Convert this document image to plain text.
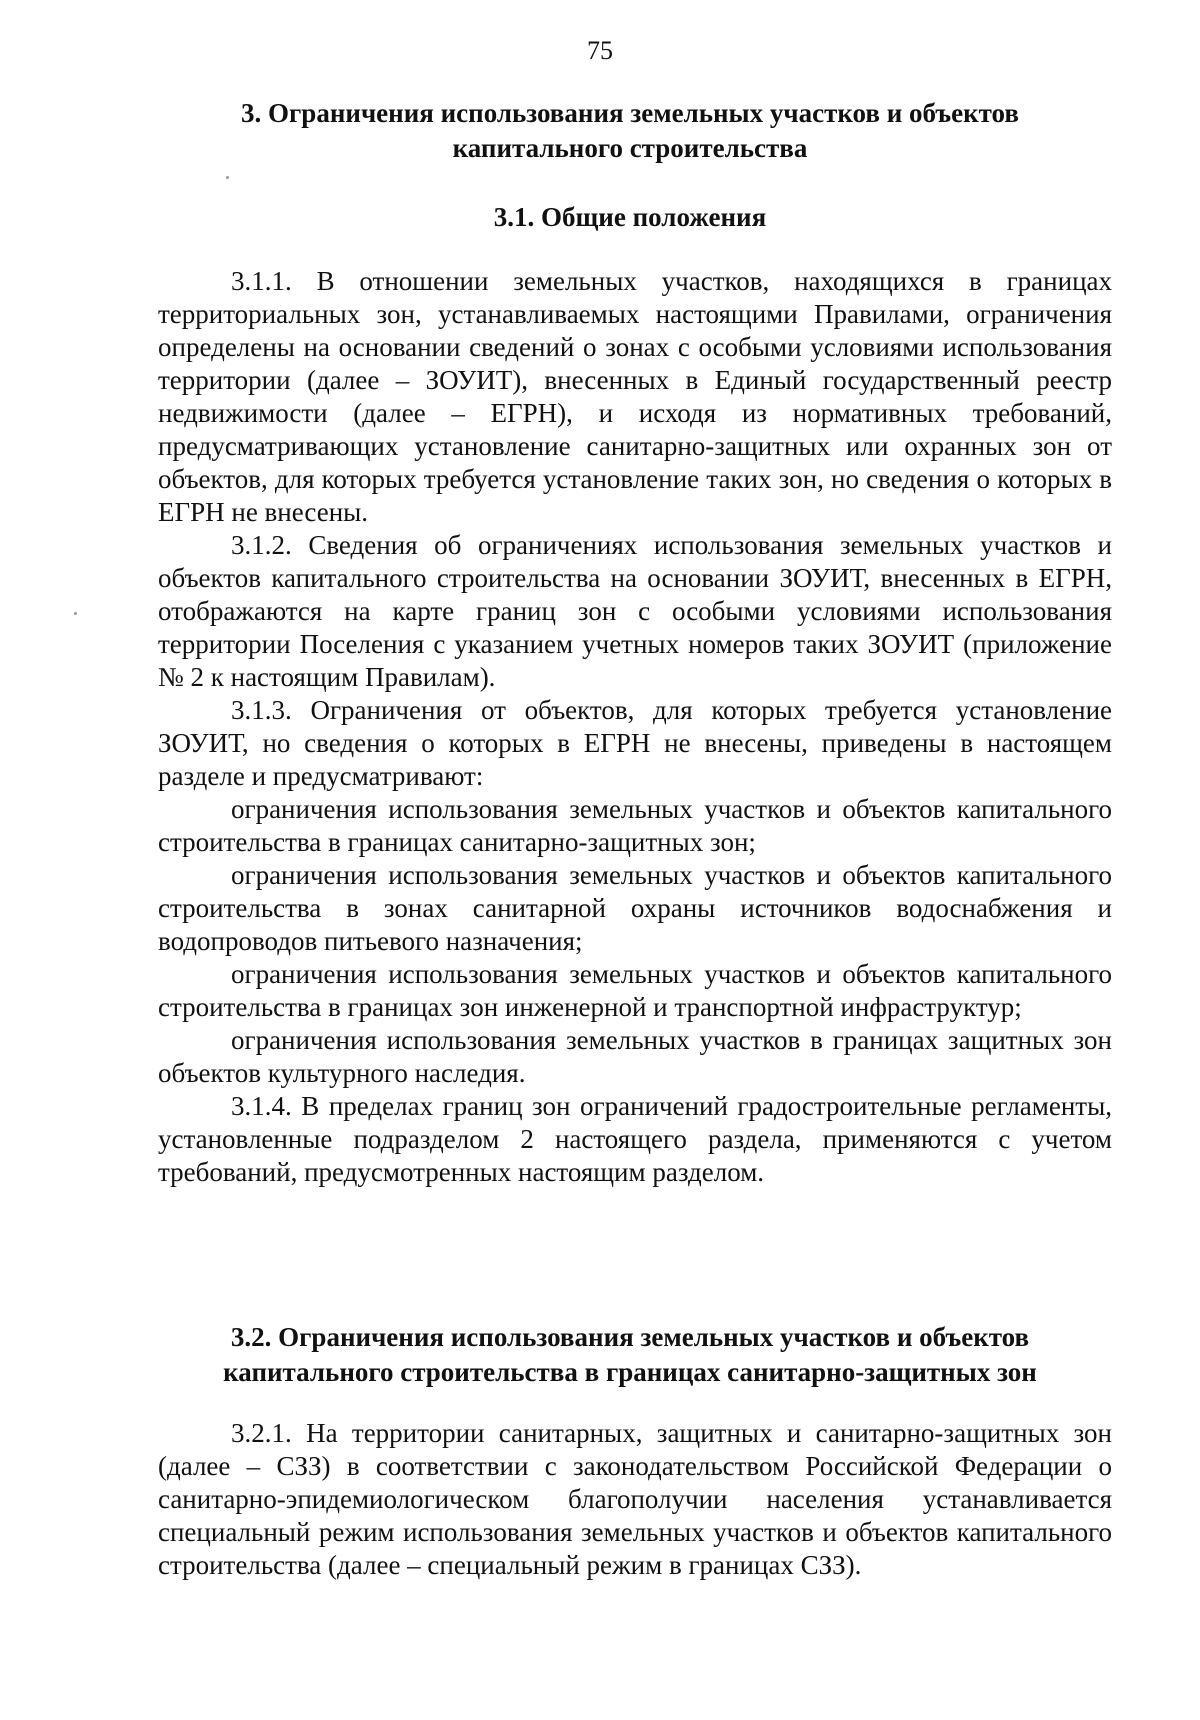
75
3. Ограничения использования земельных участков и объектов капитального строительства
3.1. Общие положения

3.1.1. В отношении земельных участков, находящихся в границах территориальных зон, устанавливаемых настоящими Правилами, ограничения определены на основании сведений о зонах с особыми условиями использования территории (далее – ЗОУИТ), внесенных в Единый государственный реестр недвижимости (далее – ЕГРН), и исходя из нормативных требований, предусматривающих установление санитарно-защитных или охранных зон от объектов, для которых требуется установление таких зон, но сведения о которых в ЕГРН не внесены.

3.1.2. Сведения об ограничениях использования земельных участков и объектов капитального строительства на основании ЗОУИТ, внесенных в ЕГРН, отображаются на карте границ зон с особыми условиями использования территории Поселения с указанием учетных номеров таких ЗОУИТ (приложение № 2 к настоящим Правилам).

3.1.3. Ограничения от объектов, для которых требуется установление ЗОУИТ, но сведения о которых в ЕГРН не внесены, приведены в настоящем разделе и предусматривают:

ограничения использования земельных участков и объектов капитального строительства в границах санитарно-защитных зон;

ограничения использования земельных участков и объектов капитального строительства в зонах санитарной охраны источников водоснабжения и водопроводов питьевого назначения;

ограничения использования земельных участков и объектов капитального строительства в границах зон инженерной и транспортной инфраструктур;

ограничения использования земельных участков в границах защитных зон объектов культурного наследия.

3.1.4. В пределах границ зон ограничений градостроительные регламенты, установленные подразделом 2 настоящего раздела, применяются с учетом требований, предусмотренных настоящим разделом.

3.2. Ограничения использования земельных участков и объектов
капитального строительства в границах санитарно-защитных зон

3.2.1. На территории санитарных, защитных и санитарно-защитных зон (далее – СЗЗ) в соответствии с законодательством Российской Федерации о санитарно-эпидемиологическом благополучии населения устанавливается специальный режим использования земельных участков и объектов капитального строительства (далее – специальный режим в границах СЗЗ).
